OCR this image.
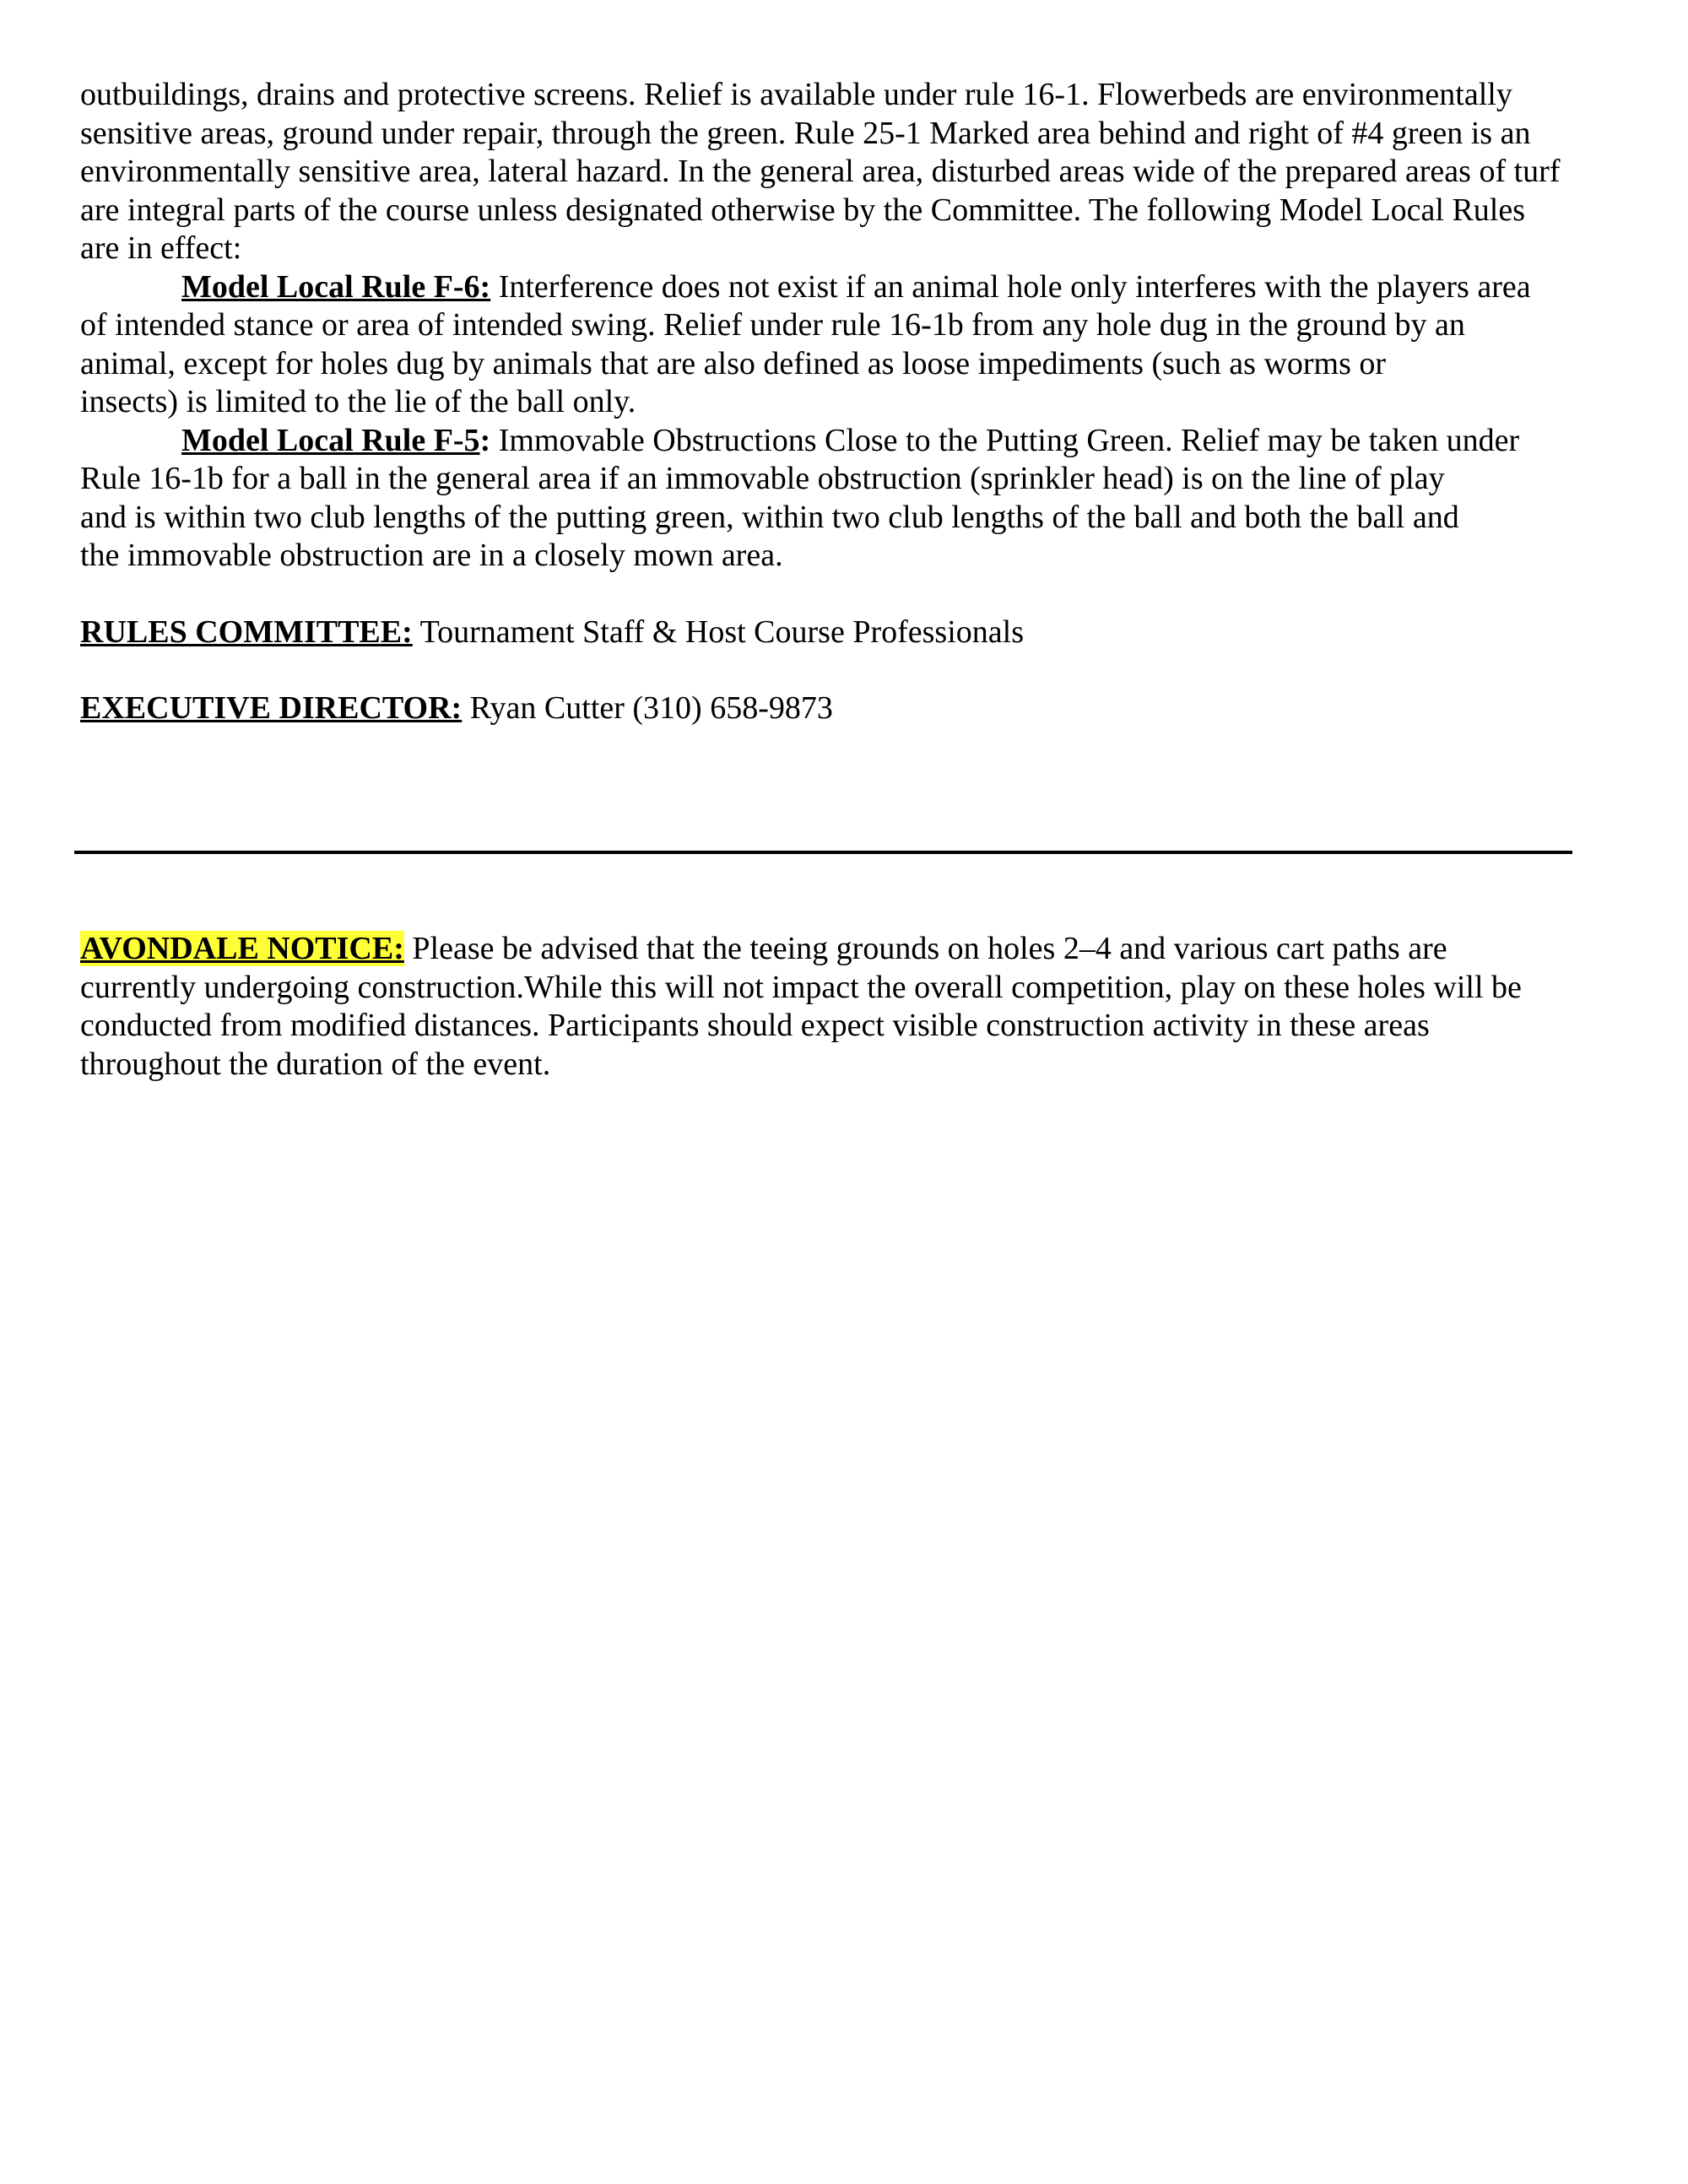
outbuildings, drains and protective screens. Relief is available under rule 16-1. Flowerbeds are environmentally
sensitive areas, ground under repair, through the green. Rule 25-1 Marked area behind and right of #4 green is an
environmentally sensitive area, lateral hazard. In the general area, disturbed areas wide of the prepared areas of turf
are integral parts of the course unless designated otherwise by the Committee. The following Model Local Rules
are in effect:

Model Local Rule F-6: Interference does not exist if an animal hole only interferes with the players area
of intended stance or area of intended swing. Relief under rule 16-1b from any hole dug in the ground by an
animal, except for holes dug by animals that are also defined as loose impediments (such as worms or
insects) is limited to the lie of the ball only.

Model Local Rule F-5: Immovable Obstructions Close to the Putting Green. Relief may be taken under
Rule 16-1b for a ball in the general area if an immovable obstruction (sprinkler head) is on the line of play
and is within two club lengths of the putting green, within two club lengths of the ball and both the ball and
the immovable obstruction are in a closely mown area.

RULES COMMITTEE: Tournament Staff & Host Course Professionals

EXECUTIVE DIRECTOR: Ryan Cutter (310) 658-9873

AVONDALE NOTICE: Please be advised that the teeing grounds on holes 2–4 and various cart paths are
currently undergoing construction.While this will not impact the overall competition, play on these holes will be
conducted from modified distances. Participants should expect visible construction activity in these areas
throughout the duration of the event.
